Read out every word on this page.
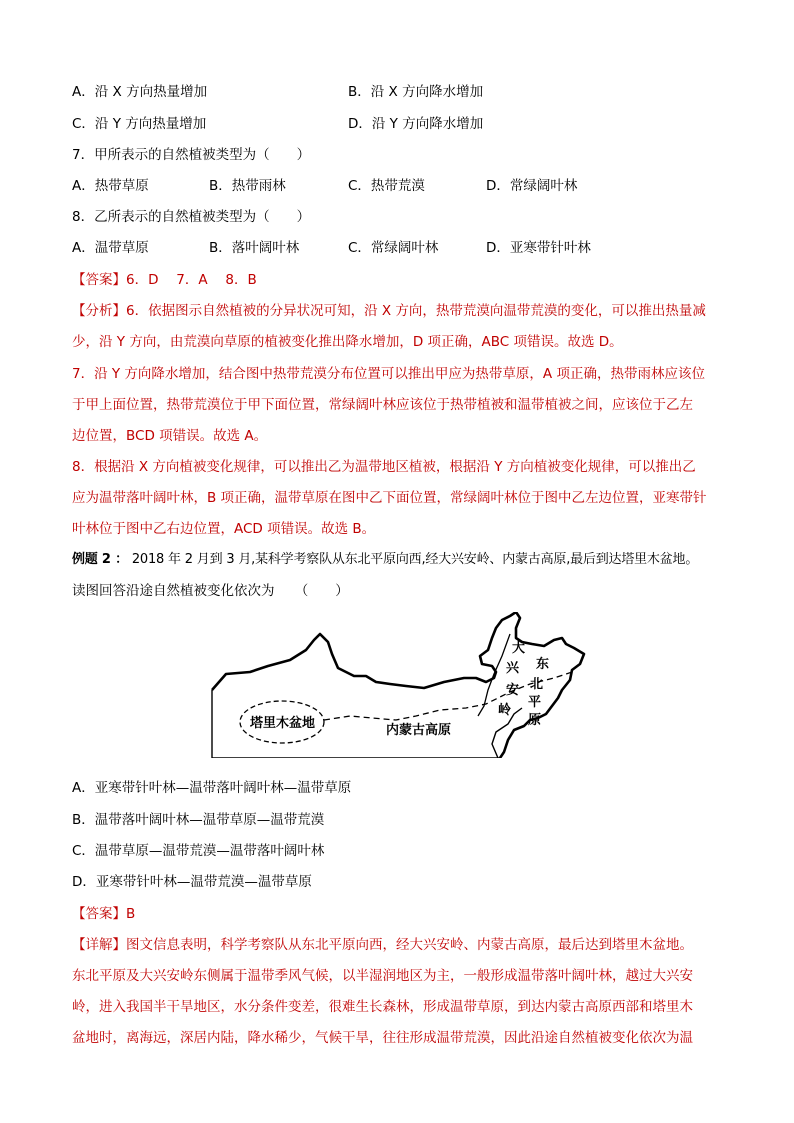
A．沿 X 方向热量增加	B．沿 X 方向降水增加
C．沿 Y 方向热量增加	D．沿 Y 方向降水增加
7．甲所表示的自然植被类型为（　　）
A．热带草原	B．热带雨林	C．热带荒漠	D．常绿阔叶林
8．乙所表示的自然植被类型为（　　）
A．温带草原	B．落叶阔叶林	C．常绿阔叶林	D．亚寒带针叶林
【答案】6．D　 7．A　 8．B
【分析】6．依据图示自然植被的分异状况可知，沿 X 方向，热带荒漠向温带荒漠的变化，可以推出热量减
少，沿 Y 方向，由荒漠向草原的植被变化推出降水增加，D 项正确，ABC 项错误。故选 D。
7．沿 Y 方向降水增加，结合图中热带荒漠分布位置可以推出甲应为热带草原，A 项正确，热带雨林应该位
于甲上面位置，热带荒漠位于甲下面位置，常绿阔叶林应该位于热带植被和温带植被之间，应该位于乙左
边位置，BCD 项错误。故选 A。
8．根据沿 X 方向植被变化规律，可以推出乙为温带地区植被，根据沿 Y 方向植被变化规律，可以推出乙
应为温带落叶阔叶林，B 项正确，温带草原在图中乙下面位置，常绿阔叶林位于图中乙左边位置，亚寒带针
叶林位于图中乙右边位置，ACD 项错误。故选 B。
例题 2 ： 2018 年 2 月到 3 月,某科学考察队从东北平原向西,经大兴安岭、内蒙古高原,最后到达塔里木盆地。
读图回答沿途自然植被变化依次为　　（　　）
塔里木盆地	内蒙古高原
大
兴
安
岭
东
北
平
原
A．亚寒带针叶林—温带落叶阔叶林—温带草原
B．温带落叶阔叶林—温带草原—温带荒漠
C．温带草原—温带荒漠—温带落叶阔叶林
D．亚寒带针叶林—温带荒漠—温带草原
【答案】B
【详解】图文信息表明，科学考察队从东北平原向西，经大兴安岭、内蒙古高原，最后达到塔里木盆地。
东北平原及大兴安岭东侧属于温带季风气候，以半湿润地区为主，一般形成温带落叶阔叶林，越过大兴安
岭，进入我国半干旱地区，水分条件变差，很难生长森林，形成温带草原，到达内蒙古高原西部和塔里木
盆地时，离海远，深居内陆，降水稀少，气候干旱，往往形成温带荒漠，因此沿途自然植被变化依次为温
